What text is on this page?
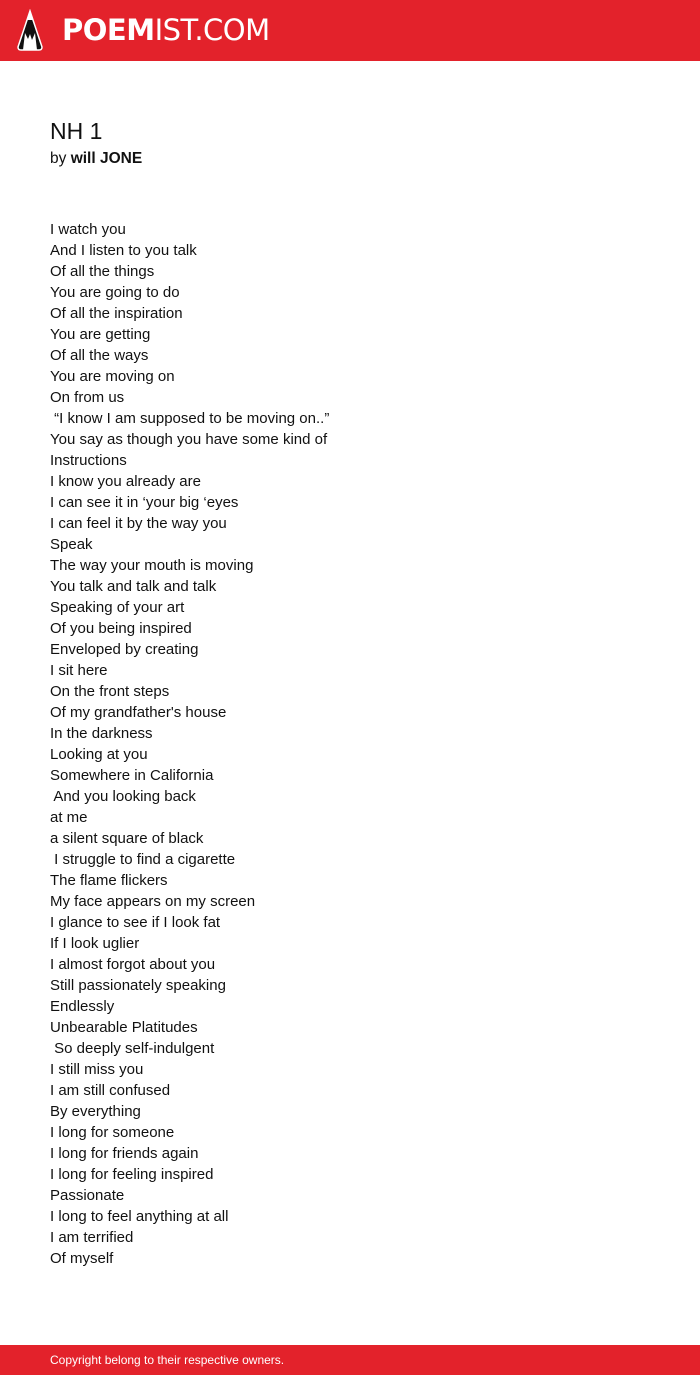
POEMIST.COM
NH 1
by will JONE
I watch you
And I listen to you talk
Of all the things
You are going to do
Of all the inspiration
You are getting
Of all the ways
You are moving on
On from us
“I know I am supposed to be moving on..”
You say as though you have some kind of
Instructions
I know you already are
I can see it in ‘your big ‘eyes
I can feel it by the way you
Speak
The way your mouth is moving
You talk and talk and talk
Speaking of your art
Of you being inspired
Enveloped by creating
I sit here
On the front steps
Of my grandfather's house
In the darkness
Looking at you
Somewhere in California
And you looking back
at me
a silent square of black
I struggle to find a cigarette
The flame flickers
My face appears on my screen
I glance to see if I look fat
If I look uglier
I almost forgot about you
Still passionately speaking
Endlessly
Unbearable Platitudes
So deeply self-indulgent
I still miss you
I am still confused
By everything
I long for someone
I long for friends again
I long for feeling inspired
Passionate
I long to feel anything at all
I am terrified
Of myself
Copyright belong to their respective owners.
